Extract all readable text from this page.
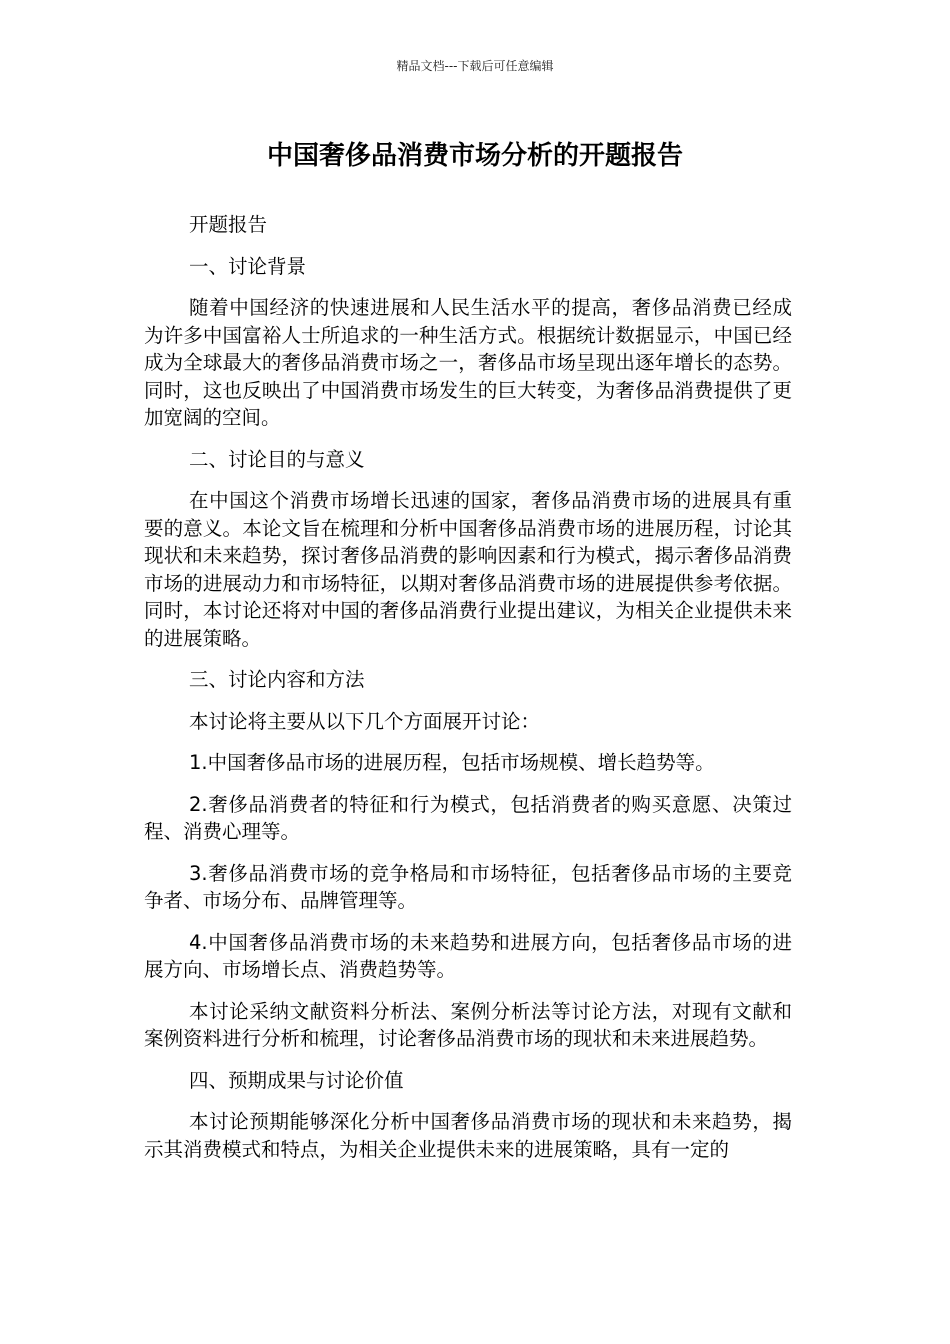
精品文档---下载后可任意编辑
中国奢侈品消费市场分析的开题报告

开题报告

一、讨论背景

随着中国经济的快速进展和人民生活水平的提高，奢侈品消费已经成为许多中国富裕人士所追求的一种生活方式。根据统计数据显示，中国已经成为全球最大的奢侈品消费市场之一，奢侈品市场呈现出逐年增长的态势。同时，这也反映出了中国消费市场发生的巨大转变，为奢侈品消费提供了更加宽阔的空间。

二、讨论目的与意义

在中国这个消费市场增长迅速的国家，奢侈品消费市场的进展具有重要的意义。本论文旨在梳理和分析中国奢侈品消费市场的进展历程，讨论其现状和未来趋势，探讨奢侈品消费的影响因素和行为模式，揭示奢侈品消费市场的进展动力和市场特征，以期对奢侈品消费市场的进展提供参考依据。同时，本讨论还将对中国的奢侈品消费行业提出建议，为相关企业提供未来的进展策略。

三、讨论内容和方法

本讨论将主要从以下几个方面展开讨论：

1.中国奢侈品市场的进展历程，包括市场规模、增长趋势等。

2.奢侈品消费者的特征和行为模式，包括消费者的购买意愿、决策过程、消费心理等。

3.奢侈品消费市场的竞争格局和市场特征，包括奢侈品市场的主要竞争者、市场分布、品牌管理等。

4.中国奢侈品消费市场的未来趋势和进展方向，包括奢侈品市场的进展方向、市场增长点、消费趋势等。

本讨论采纳文献资料分析法、案例分析法等讨论方法，对现有文献和案例资料进行分析和梳理，讨论奢侈品消费市场的现状和未来进展趋势。

四、预期成果与讨论价值

本讨论预期能够深化分析中国奢侈品消费市场的现状和未来趋势，揭示其消费模式和特点，为相关企业提供未来的进展策略，具有一定的
